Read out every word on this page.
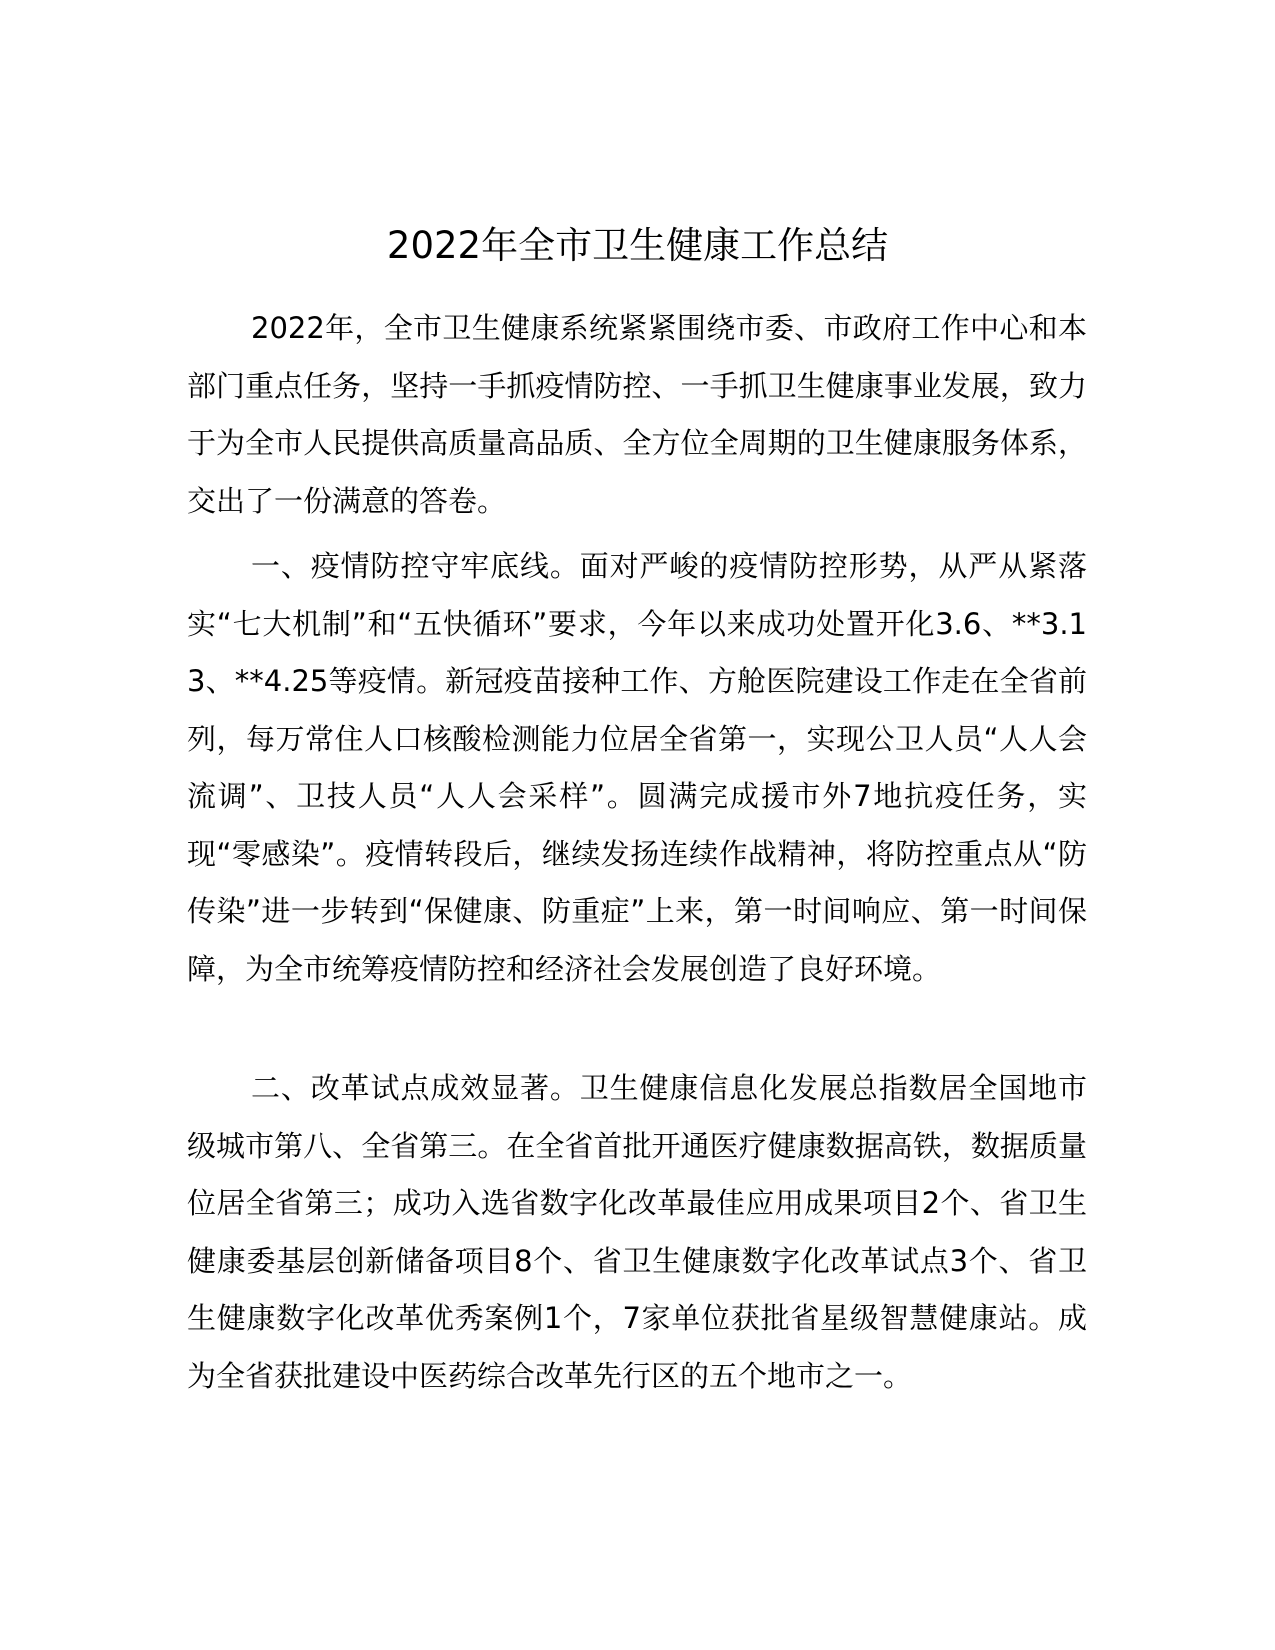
2022年全市卫生健康工作总结

2022年，全市卫生健康系统紧紧围绕市委、市政府工作中心和本部门重点任务，坚持一手抓疫情防控、一手抓卫生健康事业发展，致力于为全市人民提供高质量高品质、全方位全周期的卫生健康服务体系，交出了一份满意的答卷。

一、疫情防控守牢底线。面对严峻的疫情防控形势，从严从紧落实“七大机制”和“五快循环”要求，今年以来成功处置开化3.6、**3.13、**4.25等疫情。新冠疫苗接种工作、方舱医院建设工作走在全省前列，每万常住人口核酸检测能力位居全省第一，实现公卫人员“人人会流调”、卫技人员“人人会采样”。圆满完成援市外7地抗疫任务，实现“零感染”。疫情转段后，继续发扬连续作战精神，将防控重点从“防传染”进一步转到“保健康、防重症”上来，第一时间响应、第一时间保障，为全市统筹疫情防控和经济社会发展创造了良好环境。

二、改革试点成效显著。卫生健康信息化发展总指数居全国地市级城市第八、全省第三。在全省首批开通医疗健康数据高铁，数据质量位居全省第三；成功入选省数字化改革最佳应用成果项目2个、省卫生健康委基层创新储备项目8个、省卫生健康数字化改革试点3个、省卫生健康数字化改革优秀案例1个，7家单位获批省星级智慧健康站。成为全省获批建设中医药综合改革先行区的五个地市之一。
